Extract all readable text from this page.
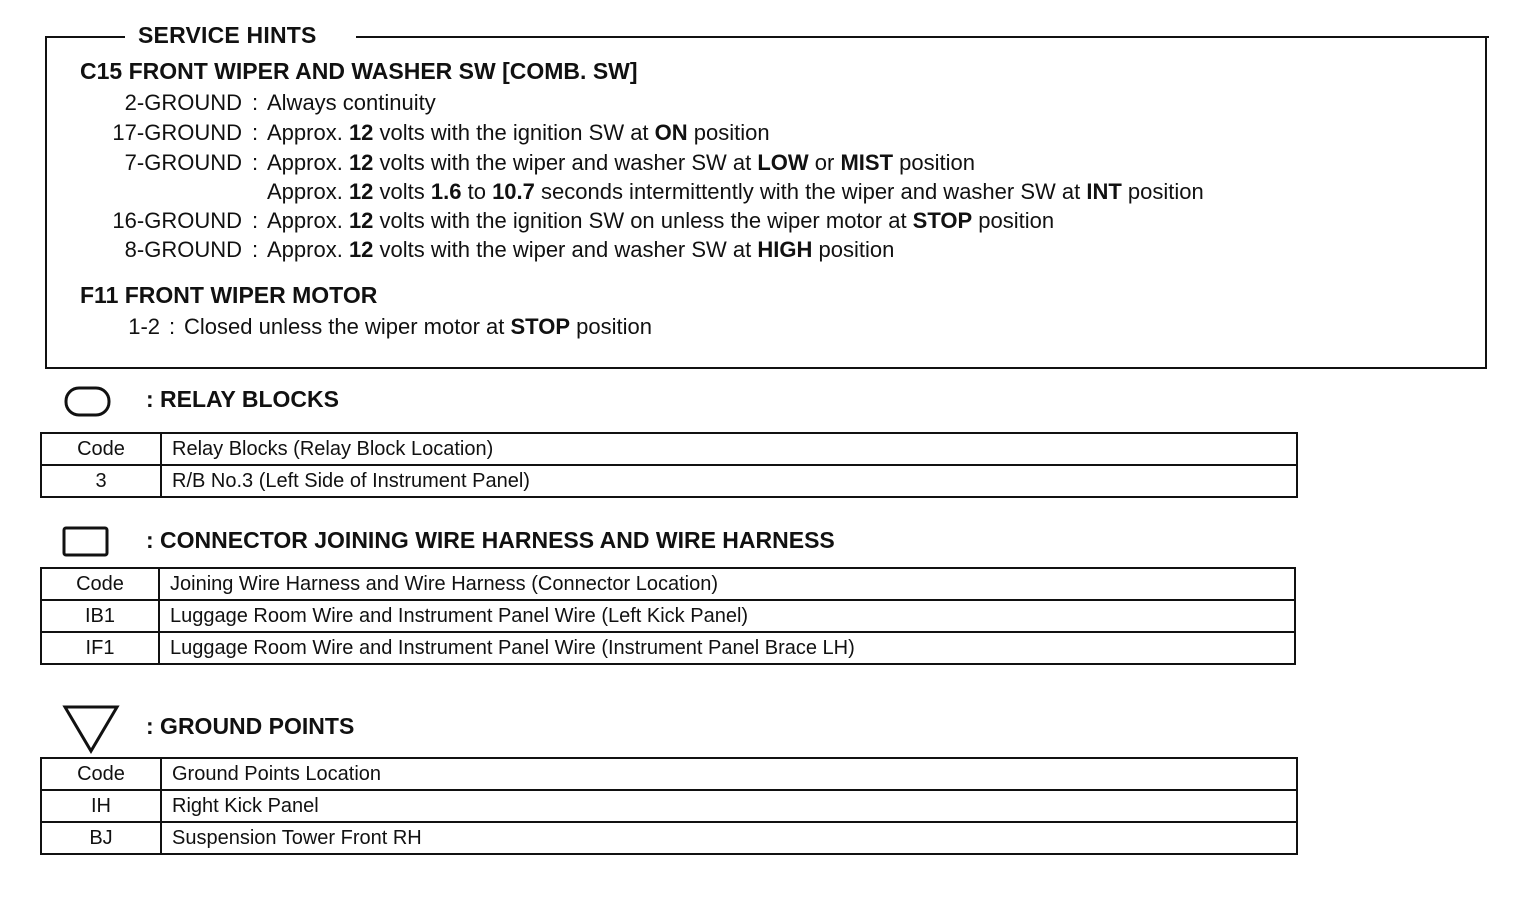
SERVICE HINTS
C15 FRONT WIPER AND WASHER SW [COMB. SW]
2-GROUND : Always continuity
17-GROUND : Approx. 12 volts with the ignition SW at ON position
7-GROUND : Approx. 12 volts with the wiper and washer SW at LOW or MIST position
Approx. 12 volts 1.6 to 10.7 seconds intermittently with the wiper and washer SW at INT position
16-GROUND : Approx. 12 volts with the ignition SW on unless the wiper motor at STOP position
8-GROUND : Approx. 12 volts with the wiper and washer SW at HIGH position
F11 FRONT WIPER MOTOR
1-2 : Closed unless the wiper motor at STOP position
: RELAY BLOCKS
Code	Relay Blocks (Relay Block Location)
3	R/B No.3 (Left Side of Instrument Panel)
: CONNECTOR JOINING WIRE HARNESS AND WIRE HARNESS
Code	Joining Wire Harness and Wire Harness (Connector Location)
IB1	Luggage Room Wire and Instrument Panel Wire (Left Kick Panel)
IF1	Luggage Room Wire and Instrument Panel Wire (Instrument Panel Brace LH)
: GROUND POINTS
Code	Ground Points Location
IH	Right Kick Panel
BJ	Suspension Tower Front RH
